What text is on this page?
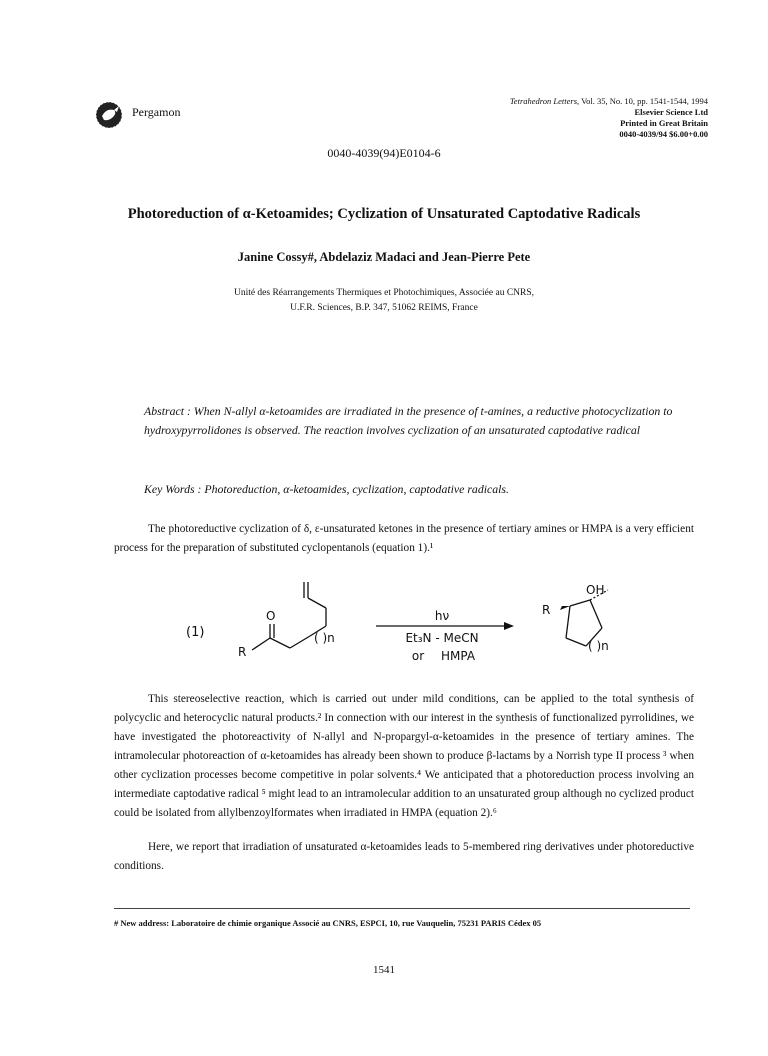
Pergamon
Tetrahedron Letters, Vol. 35, No. 10, pp. 1541-1544, 1994
Elsevier Science Ltd
Printed in Great Britain
0040-4039/94 $6.00+0.00
0040-4039(94)E0104-6
Photoreduction of α-Ketoamides; Cyclization of Unsaturated Captodative Radicals
Janine Cossy#, Abdelaziz Madaci and Jean-Pierre Pete
Unité des Réarrangements Thermiques et Photochimiques, Associée au CNRS,
U.F.R. Sciences, B.P. 347, 51062 REIMS, France
Abstract : When N-allyl α-ketoamides are irradiated in the presence of t-amines, a reductive photocyclization to hydroxypyrrolidones is observed. The reaction involves cyclization of an unsaturated captodative radical
Key Words : Photoreduction, α-ketoamides, cyclization, captodative radicals.
The photoreductive cyclization of δ, ε-unsaturated ketones in the presence of tertiary amines or HMPA is a very efficient process for the preparation of substituted cyclopentanols (equation 1).¹
(1)
O
R
( )n
hν
Et₃N - MeCN
or HMPA
OH
R
( )n
This stereoselective reaction, which is carried out under mild conditions, can be applied to the total synthesis of polycyclic and heterocyclic natural products.² In connection with our interest in the synthesis of functionalized pyrrolidines, we have investigated the photoreactivity of N-allyl and N-propargyl-α-ketoamides in the presence of tertiary amines. The intramolecular photoreaction of α-ketoamides has already been shown to produce β-lactams by a Norrish type II process ³ when other cyclization processes become competitive in polar solvents.⁴ We anticipated that a photoreduction process involving an intermediate captodative radical ⁵ might lead to an intramolecular addition to an unsaturated group although no cyclized product could be isolated from allylbenzoylformates when irradiated in HMPA (equation 2).⁶
Here, we report that irradiation of unsaturated α-ketoamides leads to 5-membered ring derivatives under photoreductive conditions.
# New address: Laboratoire de chimie organique Associé au CNRS, ESPCI, 10, rue Vauquelin, 75231 PARIS Cédex 05
1541
